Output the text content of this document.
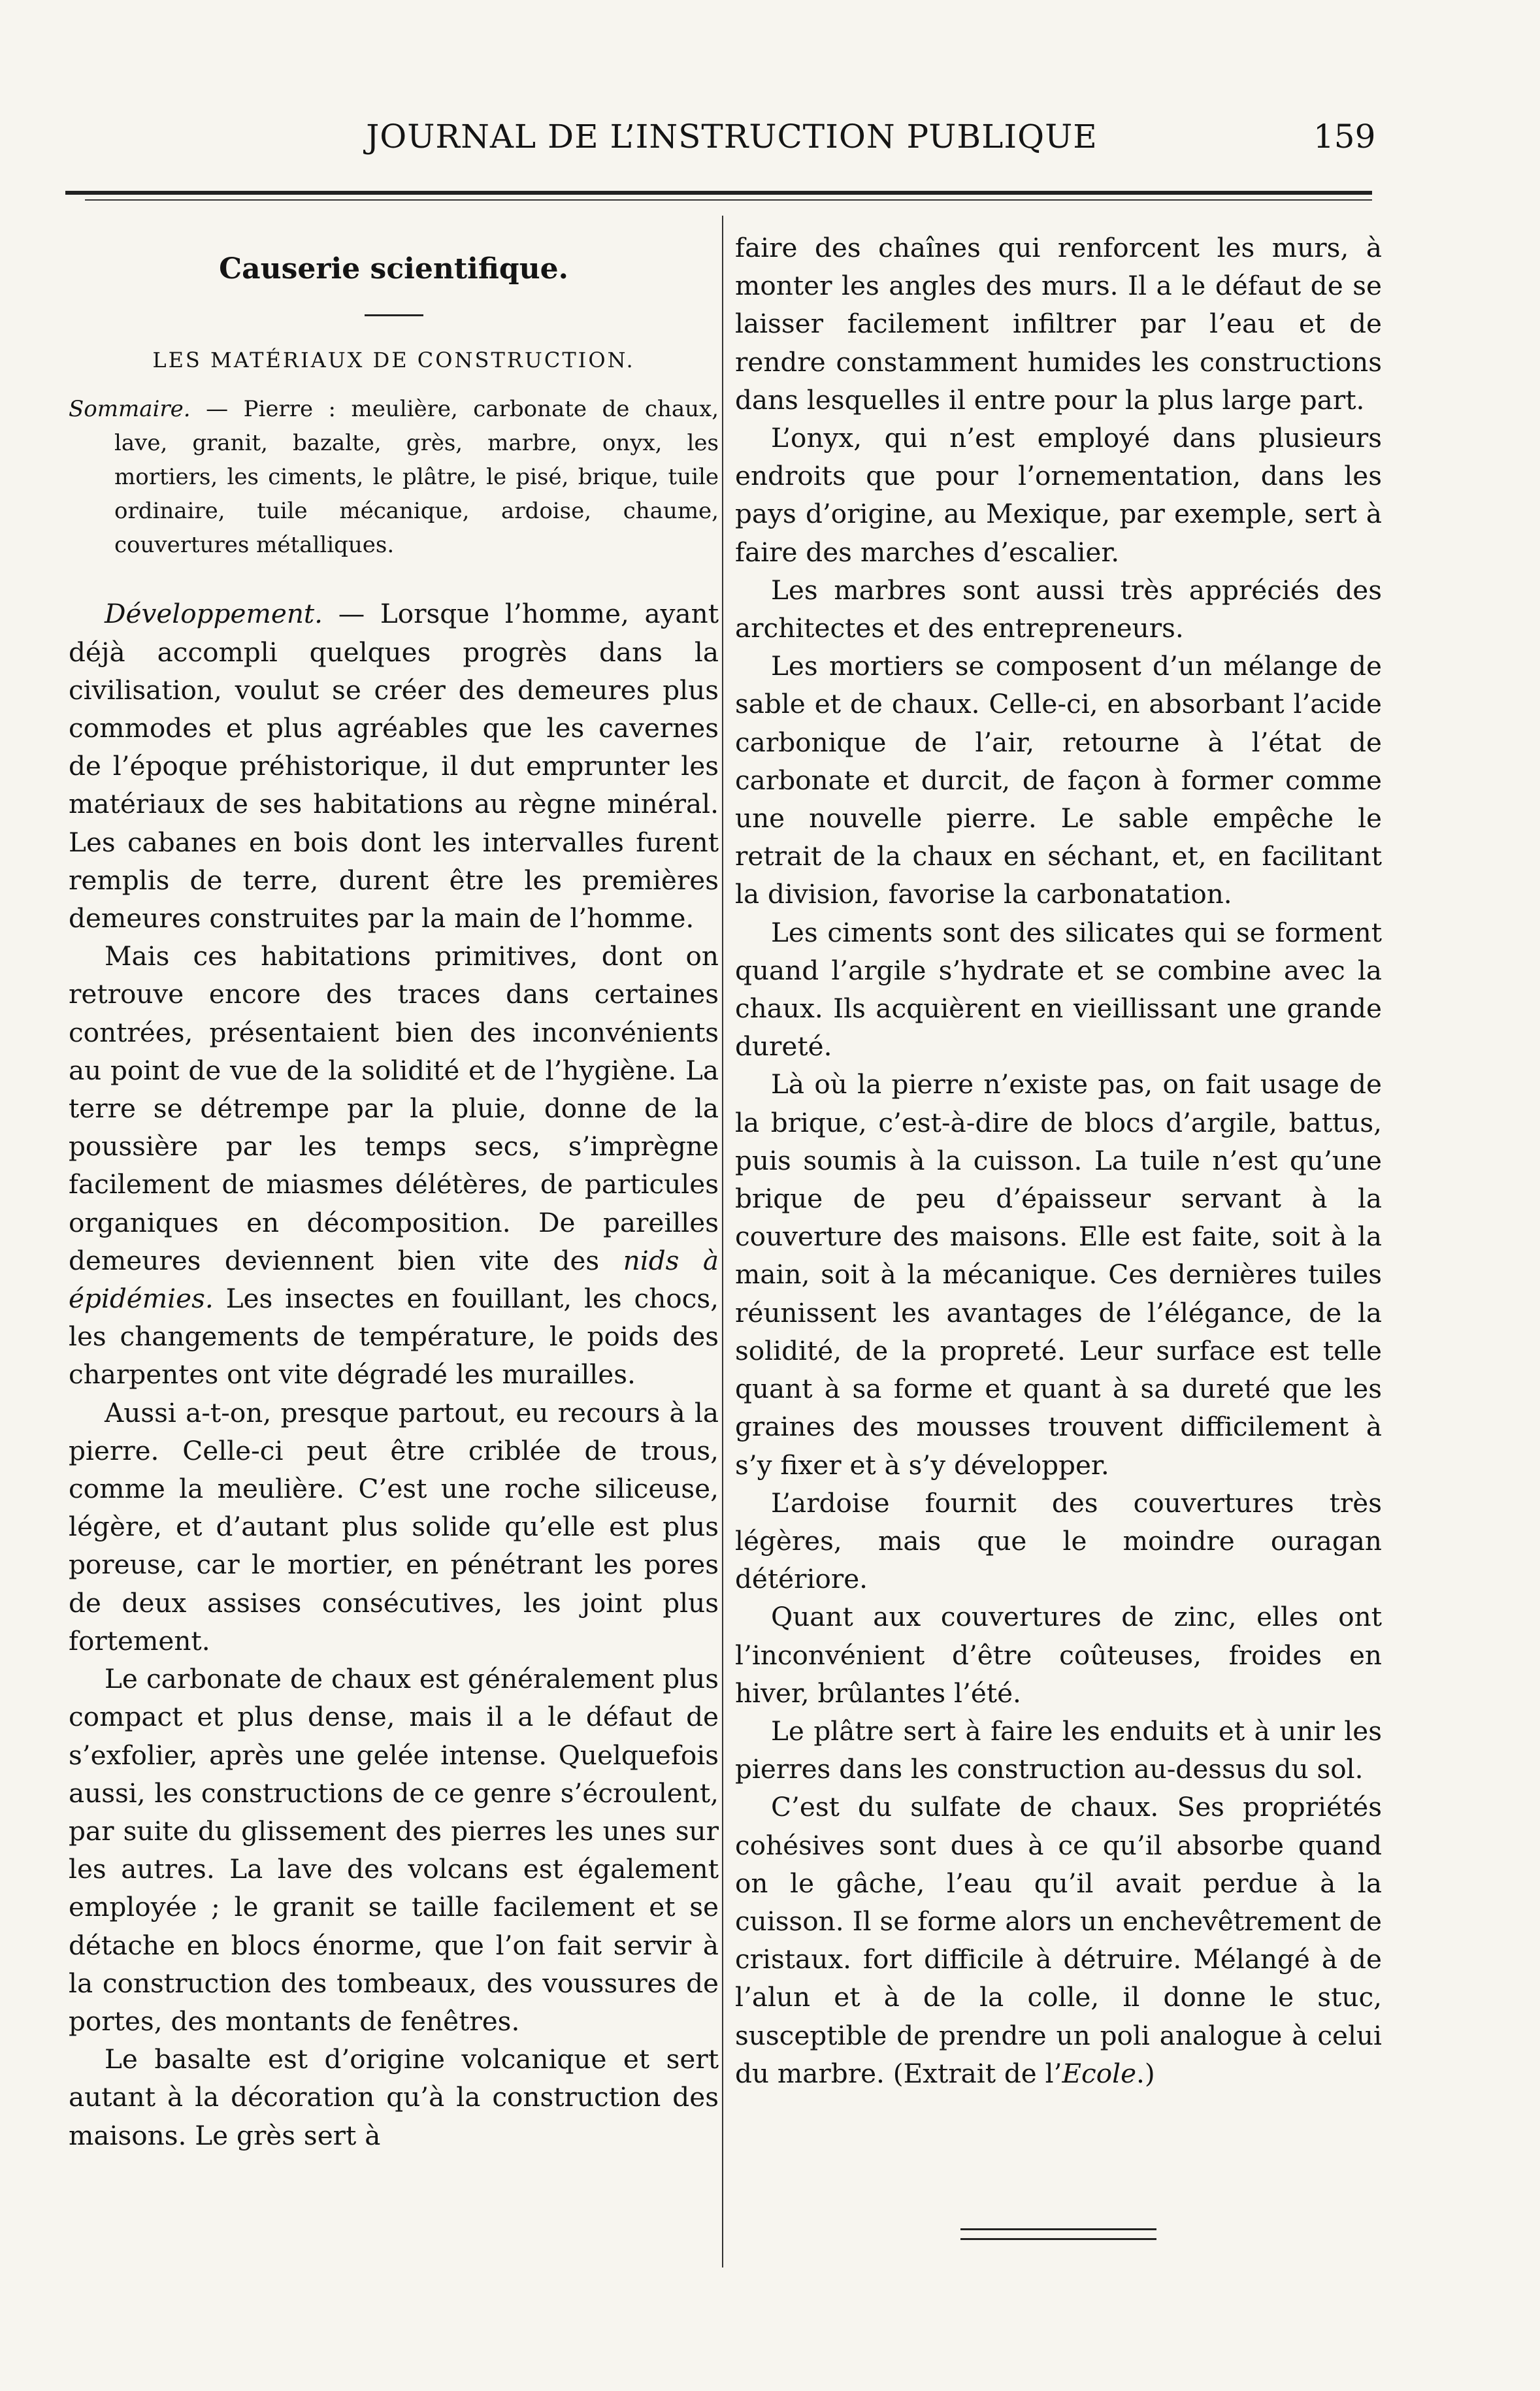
JOURNAL DE L’INSTRUCTION PUBLIQUE	159
Causerie scientifique.
LES MATÉRIAUX DE CONSTRUCTION.
Sommaire. — Pierre : meulière, carbonate de chaux, lave, granit, bazalte, grès, marbre, onyx, les mortiers, les ciments, le plâtre, le pisé, brique, tuile ordinaire, tuile mécanique, ardoise, chaume, couvertures métalliques.

Développement. — Lorsque l’homme, ayant déjà accompli quelques progrès dans la civilisation, voulut se créer des demeures plus commodes et plus agréables que les cavernes de l’époque préhistorique, il dut emprunter les matériaux de ses habitations au règne minéral. Les cabanes en bois dont les intervalles furent remplis de terre, durent être les premières demeures construites par la main de l’homme.

Mais ces habitations primitives, dont on retrouve encore des traces dans certaines contrées, présentaient bien des inconvénients au point de vue de la solidité et de l’hygiène. La terre se détrempe par la pluie, donne de la poussière par les temps secs, s’imprègne facilement de miasmes délétères, de particules organiques en décomposition. De pareilles demeures deviennent bien vite des nids à épidémies. Les insectes en fouillant, les chocs, les changements de température, le poids des charpentes ont vite dégradé les murailles.

Aussi a-t-on, presque partout, eu recours à la pierre. Celle-ci peut être criblée de trous, comme la meulière. C’est une roche siliceuse, légère, et d’autant plus solide qu’elle est plus poreuse, car le mortier, en pénétrant les pores de deux assises consécutives, les joint plus fortement.

Le carbonate de chaux est généralement plus compact et plus dense, mais il a le défaut de s’exfolier, après une gelée intense. Quelquefois aussi, les constructions de ce genre s’écroulent, par suite du glissement des pierres les unes sur les autres. La lave des volcans est également employée ; le granit se taille facilement et se détache en blocs énorme, que l’on fait servir à la construction des tombeaux, des voussures de portes, des montants de fenêtres.

Le basalte est d’origine volcanique et sert autant à la décoration qu’à la construction des maisons. Le grès sert à

faire des chaînes qui renforcent les murs, à monter les angles des murs. Il a le défaut de se laisser facilement infiltrer par l’eau et de rendre constamment humides les constructions dans lesquelles il entre pour la plus large part.

L’onyx, qui n’est employé dans plusieurs endroits que pour l’ornementation, dans les pays d’origine, au Mexique, par exemple, sert à faire des marches d’escalier.

Les marbres sont aussi très appréciés des architectes et des entrepreneurs.

Les mortiers se composent d’un mélange de sable et de chaux. Celle-ci, en absorbant l’acide carbonique de l’air, retourne à l’état de carbonate et durcit, de façon à former comme une nouvelle pierre. Le sable empêche le retrait de la chaux en séchant, et, en facilitant la division, favorise la carbonatation.

Les ciments sont des silicates qui se forment quand l’argile s’hydrate et se combine avec la chaux. Ils acquièrent en vieillissant une grande dureté.

Là où la pierre n’existe pas, on fait usage de la brique, c’est-à-dire de blocs d’argile, battus, puis soumis à la cuisson. La tuile n’est qu’une brique de peu d’épaisseur servant à la couverture des maisons. Elle est faite, soit à la main, soit à la mécanique. Ces dernières tuiles réunissent les avantages de l’élégance, de la solidité, de la propreté. Leur surface est telle quant à sa forme et quant à sa dureté que les graines des mousses trouvent difficilement à s’y fixer et à s’y développer.

L’ardoise fournit des couvertures très légères, mais que le moindre ouragan détériore.

Quant aux couvertures de zinc, elles ont l’inconvénient d’être coûteuses, froides en hiver, brûlantes l’été.

Le plâtre sert à faire les enduits et à unir les pierres dans les construction au-dessus du sol.

C’est du sulfate de chaux. Ses propriétés cohésives sont dues à ce qu’il absorbe quand on le gâche, l’eau qu’il avait perdue à la cuisson. Il se forme alors un enchevêtrement de cristaux. fort difficile à détruire. Mélangé à de l’alun et à de la colle, il donne le stuc, susceptible de prendre un poli analogue à celui du marbre. (Extrait de l’Ecole.)
